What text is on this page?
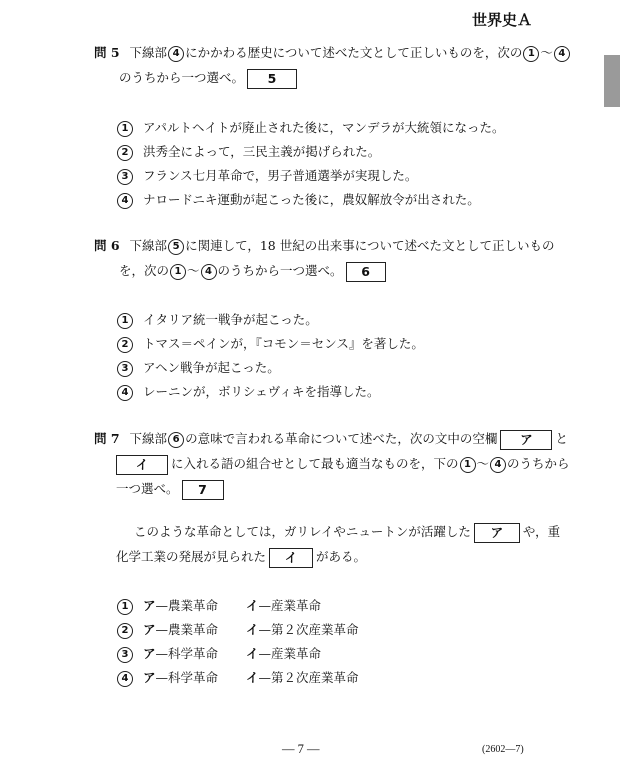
世界史Ａ
問 5 下線部 4 にかかわる歴史について述べた文として正しいものを，次の 1 〜 4
のうちから一つ選べ。 5
1 アパルトヘイトが廃止された後に，マンデラが大統領になった。
2 洪秀全によって，三民主義が掲げられた。
3 フランス七月革命で，男子普通選挙が実現した。
4 ナロードニキ運動が起こった後に，農奴解放令が出された。
問 6 下線部 5 に関連して，18 世紀の出来事について述べた文として正しいもの
を，次の 1 〜 4 のうちから一つ選べ。 6
1 イタリア統一戦争が起こった。
2 トマス＝ペインが，『コモン＝センス』を著した。
3 アヘン戦争が起こった。
4 レーニンが，ボリシェヴィキを指導した。
問 7 下線部 6 の意味で言われる革命について述べた，次の文中の空欄 ア と
イ に入れる語の組合せとして最も適当なものを，下の 1 〜 4 のうちから
一つ選べ。 7
このような革命としては，ガリレイやニュートンが活躍した ア や，重
化学工業の発展が見られた イ がある。
1 ア—農業革命 イ—産業革命
2 ア—農業革命 イ—第２次産業革命
3 ア—科学革命 イ—産業革命
4 ア—科学革命 イ—第２次産業革命
— 7 —	(2602—7)
